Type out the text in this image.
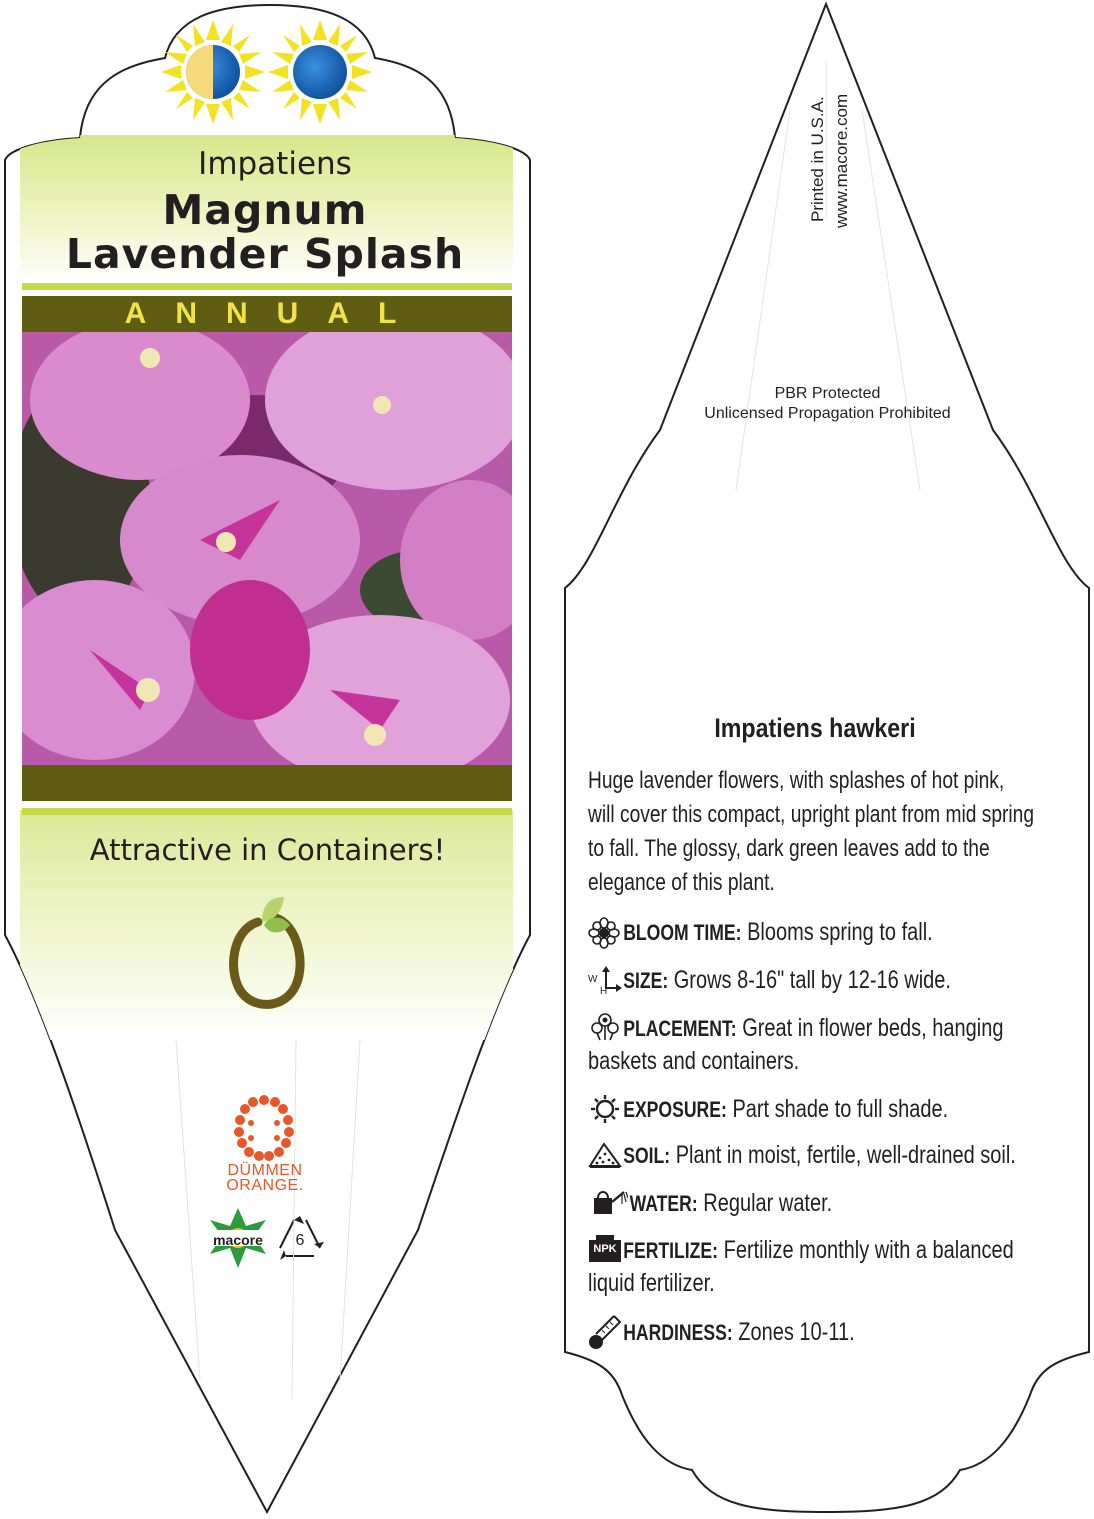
Impatiens
Magnum
Lavender Splash
ANNUAL
Attractive in Containers!
DÜMMEN
ORANGE.
macore	6
Printed in U.S.A. www.macore.com
PBR Protected
Unlicensed Propagation Prohibited
Impatiens hawkeri
Huge lavender flowers, with splashes of hot pink, will cover this compact, upright plant from mid spring to fall. The glossy, dark green leaves add to the elegance of this plant.
BLOOM TIME: Blooms spring to fall.
SIZE: Grows 8-16" tall by 12-16 wide.
PLACEMENT: Great in flower beds, hanging baskets and containers.
EXPOSURE: Part shade to full shade.
SOIL: Plant in moist, fertile, well-drained soil.
WATER: Regular water.
FERTILIZE: Fertilize monthly with a balanced liquid fertilizer.
HARDINESS: Zones 10-11.
W
H
NPK
